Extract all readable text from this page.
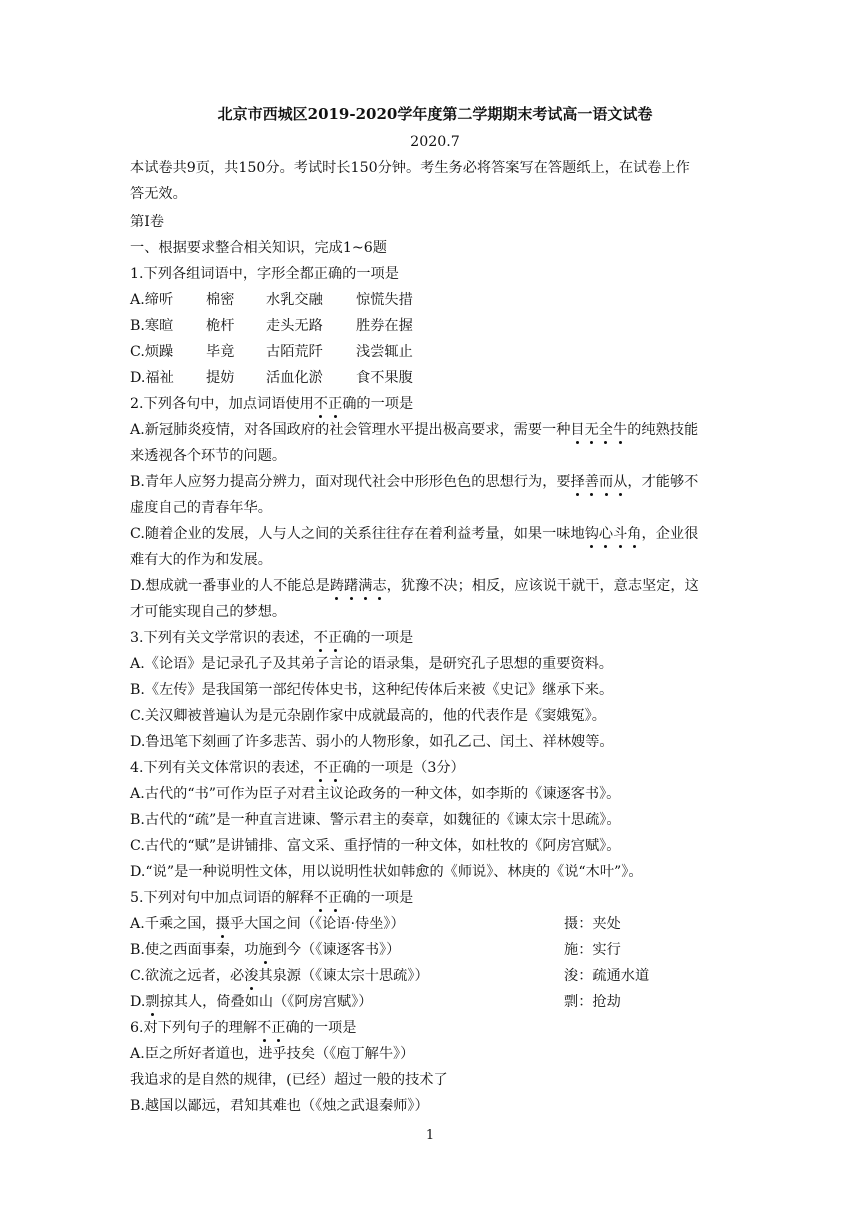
北京市西城区2019-2020学年度第二学期期末考试高一语文试卷
2020.7
本试卷共9页，共150分。考试时长150分钟。考生务必将答案写在答题纸上，在试卷上作
答无效。
第Ⅰ卷
一、根据要求整合相关知识，完成1~6题
1.下列各组词语中，字形全都正确的一项是
A.缔听 棉密 水乳交融 惊慌失措
B.寒暄 桅杆 走头无路 胜券在握
C.烦躁 毕竟 古陌荒阡 浅尝辄止
D.福祉 提妨 活血化淤 食不果腹
2.下列各句中，加点词语使用不正确的一项是
A.新冠肺炎疫情，对各国政府的社会管理水平提出极高要求，需要一种目无全牛的纯熟技能
来透视各个环节的问题。
B.青年人应努力提高分辨力，面对现代社会中形形色色的思想行为，要择善而从，才能够不
虚度自己的青春年华。
C.随着企业的发展，人与人之间的关系往往存在着利益考量，如果一味地钩心斗角，企业很
难有大的作为和发展。
D.想成就一番事业的人不能总是踌躇满志，犹豫不决；相反，应该说干就干，意志坚定，这
才可能实现自己的梦想。
3.下列有关文学常识的表述，不正确的一项是
A.《论语》是记录孔子及其弟子言论的语录集，是研究孔子思想的重要资料。
B.《左传》是我国第一部纪传体史书，这种纪传体后来被《史记》继承下来。
C.关汉卿被普遍认为是元杂剧作家中成就最高的，他的代表作是《窦娥冤》。
D.鲁迅笔下刻画了许多悲苦、弱小的人物形象，如孔乙己、闰土、祥林嫂等。
4.下列有关文体常识的表述，不正确的一项是（3分）
A.古代的“书”可作为臣子对君主议论政务的一种文体，如李斯的《谏逐客书》。
B.古代的“疏”是一种直言进谏、警示君主的奏章，如魏征的《谏太宗十思疏》。
C.古代的“赋”是讲铺排、富文采、重抒情的一种文体，如杜牧的《阿房宫赋》。
D.“说”是一种说明性文体，用以说明性状如韩愈的《师说》、林庚的《说“木叶”》。
5.下列对句中加点词语的解释不正确的一项是
A.千乘之国，摄乎大国之间（《论语·侍坐》）	摄：夹处
B.使之西面事秦，功施到今（《谏逐客书》）	施：实行
C.欲流之远者，必浚其泉源（《谏太宗十思疏》）	浚：疏通水道
D.剽掠其人，倚叠如山（《阿房宫赋》）	剽：抢劫
6.对下列句子的理解不正确的一项是
A.臣之所好者道也，进乎技矣（《庖丁解牛》）
我追求的是自然的规律，(已经）超过一般的技术了
B.越国以鄙远，君知其难也（《烛之武退秦师》）
1
